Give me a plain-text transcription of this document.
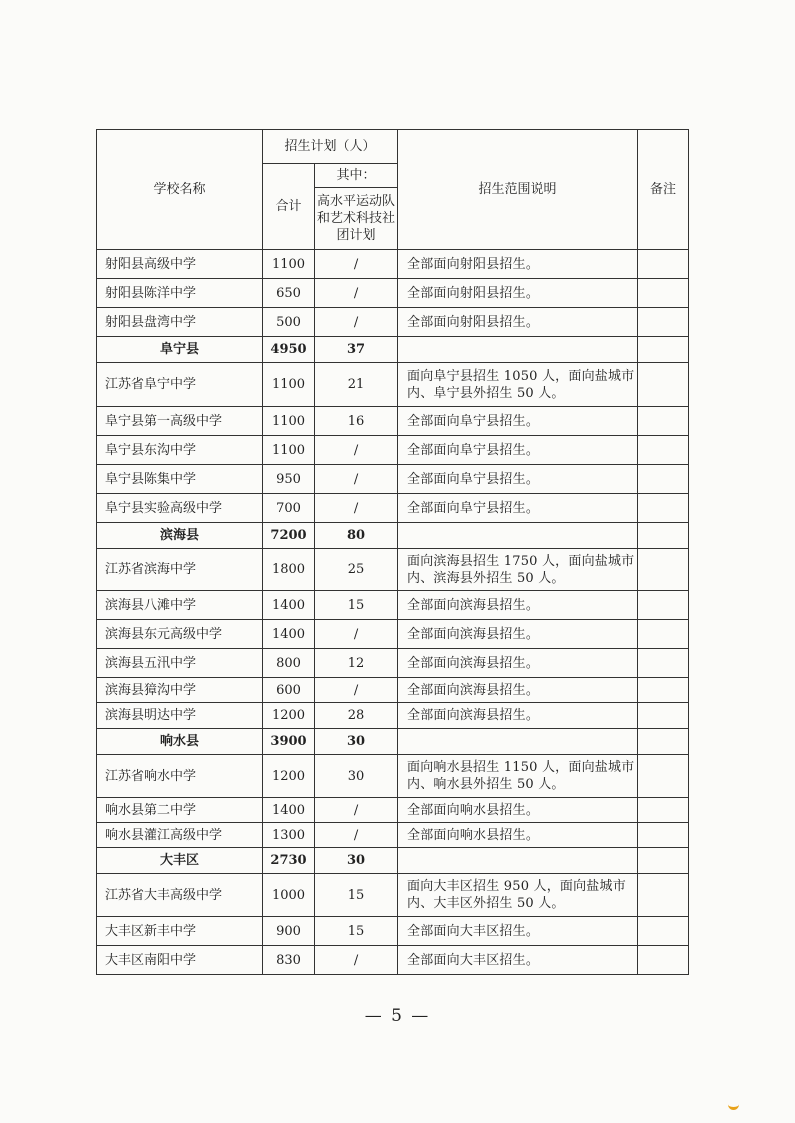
学校名称	招生计划（人）		招生范围说明	备注
	合计	其中：		
		高水平运动队和艺术科技社团计划		
射阳县高级中学	1100	/	全部面向射阳县招生。	
射阳县陈洋中学	650	/	全部面向射阳县招生。	
射阳县盘湾中学	500	/	全部面向射阳县招生。	
阜宁县	4950	37		
江苏省阜宁中学	1100	21	面向阜宁县招生 1050 人，面向盐城市内、阜宁县外招生 50 人。	
阜宁县第一高级中学	1100	16	全部面向阜宁县招生。	
阜宁县东沟中学	1100	/	全部面向阜宁县招生。	
阜宁县陈集中学	950	/	全部面向阜宁县招生。	
阜宁县实验高级中学	700	/	全部面向阜宁县招生。	
滨海县	7200	80		
江苏省滨海中学	1800	25	面向滨海县招生 1750 人，面向盐城市内、滨海县外招生 50 人。	
滨海县八滩中学	1400	15	全部面向滨海县招生。	
滨海县东元高级中学	1400	/	全部面向滨海县招生。	
滨海县五汛中学	800	12	全部面向滨海县招生。	
滨海县獐沟中学	600	/	全部面向滨海县招生。	
滨海县明达中学	1200	28	全部面向滨海县招生。	
响水县	3900	30		
江苏省响水中学	1200	30	面向响水县招生 1150 人，面向盐城市内、响水县外招生 50 人。	
响水县第二中学	1400	/	全部面向响水县招生。	
响水县灌江高级中学	1300	/	全部面向响水县招生。	
大丰区	2730	30		
江苏省大丰高级中学	1000	15	面向大丰区招生 950 人，面向盐城市内、大丰区外招生 50 人。	
大丰区新丰中学	900	15	全部面向大丰区招生。	
大丰区南阳中学	830	/	全部面向大丰区招生。	
— 5 —
